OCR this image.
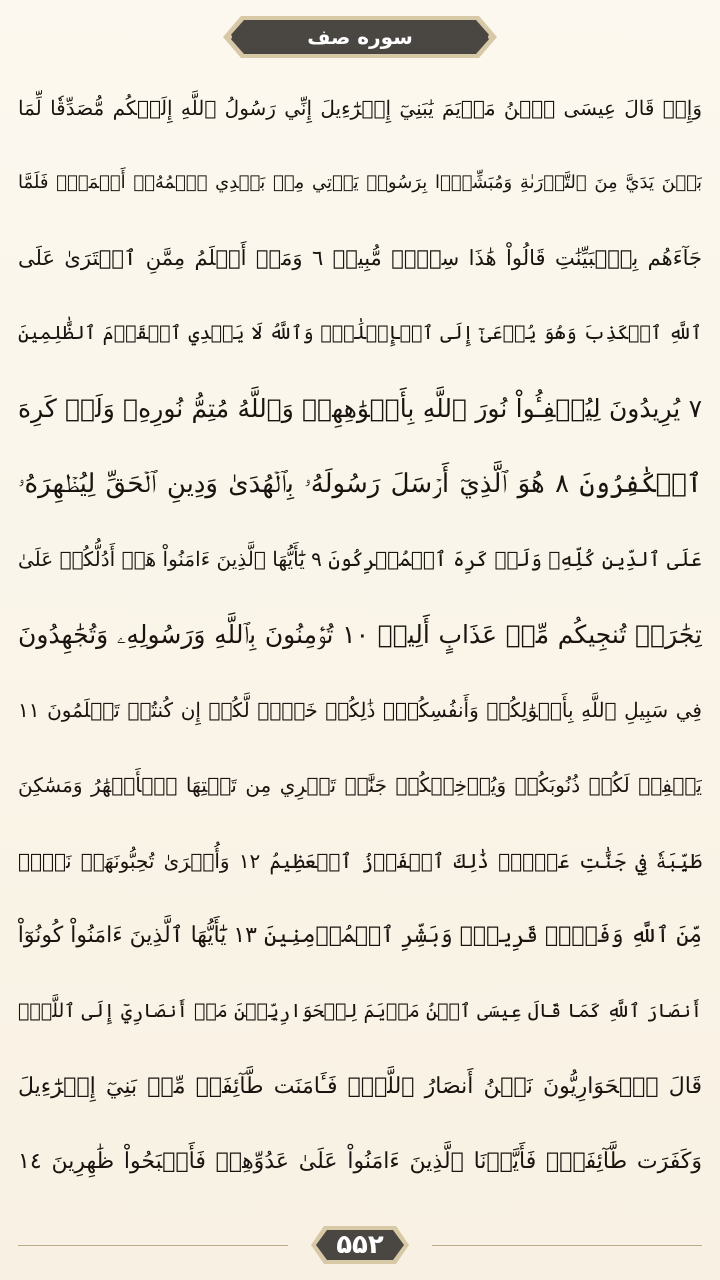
سوره صف
وَإِذۡ قَالَ عِيسَى ٱبۡنُ مَرۡيَمَ يَٰبَنِيٓ إِسۡرَٰٓءِيلَ إِنِّي رَسُولُ ٱللَّهِ إِلَيۡكُم مُّصَدِّقٗا لِّمَا
بَيۡنَ يَدَيَّ مِنَ ٱلتَّوۡرَىٰةِ وَمُبَشِّرَۢا بِرَسُولٖ يَأۡتِي مِنۢ بَعۡدِي ٱسۡمُهُۥٓ أَحۡمَدُۖ فَلَمَّا
جَآءَهُم بِٱلۡبَيِّنَٰتِ قَالُواْ هَٰذَا سِحۡرٞ مُّبِينٞ ٦ وَمَنۡ أَظۡلَمُ مِمَّنِ ٱفۡتَرَىٰ عَلَى
ٱللَّهِ ٱلۡكَذِبَ وَهُوَ يُدۡعَىٰٓ إِلَى ٱلۡإِسۡلَٰمِۚ وَٱللَّهُ لَا يَهۡدِي ٱلۡقَوۡمَ ٱلظَّٰلِمِينَ
٧ يُرِيدُونَ لِيُطۡفِـُٔواْ نُورَ ٱللَّهِ بِأَفۡوَٰهِهِمۡ وَٱللَّهُ مُتِمُّ نُورِهِۦ وَلَوۡ كَرِهَ
ٱلۡكَٰفِرُونَ ٨ هُوَ ٱلَّذِيٓ أَرۡسَلَ رَسُولَهُۥ بِٱلۡهُدَىٰ وَدِينِ ٱلۡحَقِّ لِيُظۡهِرَهُۥ
عَلَى ٱلدِّينِ كُلِّهِۦ وَلَوۡ كَرِهَ ٱلۡمُشۡرِكُونَ ٩ يَٰٓأَيُّهَا ٱلَّذِينَ ءَامَنُواْ هَلۡ أَدُلُّكُمۡ عَلَىٰ
تِجَٰرَةٖ تُنجِيكُم مِّنۡ عَذَابٍ أَلِيمٖ ١٠ تُؤۡمِنُونَ بِٱللَّهِ وَرَسُولِهِۦ وَتُجَٰهِدُونَ
فِي سَبِيلِ ٱللَّهِ بِأَمۡوَٰلِكُمۡ وَأَنفُسِكُمۡۚ ذَٰلِكُمۡ خَيۡرٞ لَّكُمۡ إِن كُنتُمۡ تَعۡلَمُونَ ١١
يَغۡفِرۡ لَكُمۡ ذُنُوبَكُمۡ وَيُدۡخِلۡكُمۡ جَنَّٰتٖ تَجۡرِي مِن تَحۡتِهَا ٱلۡأَنۡهَٰرُ وَمَسَٰكِنَ
طَيِّبَةٗ فِي جَنَّٰتِ عَدۡنٖۚ ذَٰلِكَ ٱلۡفَوۡزُ ٱلۡعَظِيمُ ١٢ وَأُخۡرَىٰ تُحِبُّونَهَاۖ نَصۡرٞ
مِّنَ ٱللَّهِ وَفَتۡحٞ قَرِيبٞۗ وَبَشِّرِ ٱلۡمُؤۡمِنِينَ ١٣ يَٰٓأَيُّهَا ٱلَّذِينَ ءَامَنُواْ كُونُوٓاْ
أَنصَارَ ٱللَّهِ كَمَا قَالَ عِيسَى ٱبۡنُ مَرۡيَمَ لِلۡحَوَارِيِّـۧنَ مَنۡ أَنصَارِيٓ إِلَى ٱللَّهِۖ
قَالَ ٱلۡحَوَارِيُّونَ نَحۡنُ أَنصَارُ ٱللَّهِۖ فَـَٔامَنَت طَّآئِفَةٞ مِّنۢ بَنِيٓ إِسۡرَٰٓءِيلَ
وَكَفَرَت طَّآئِفَةٞۖ فَأَيَّدۡنَا ٱلَّذِينَ ءَامَنُواْ عَلَىٰ عَدُوِّهِمۡ فَأَصۡبَحُواْ ظَٰهِرِينَ ١٤
۵۵۲
